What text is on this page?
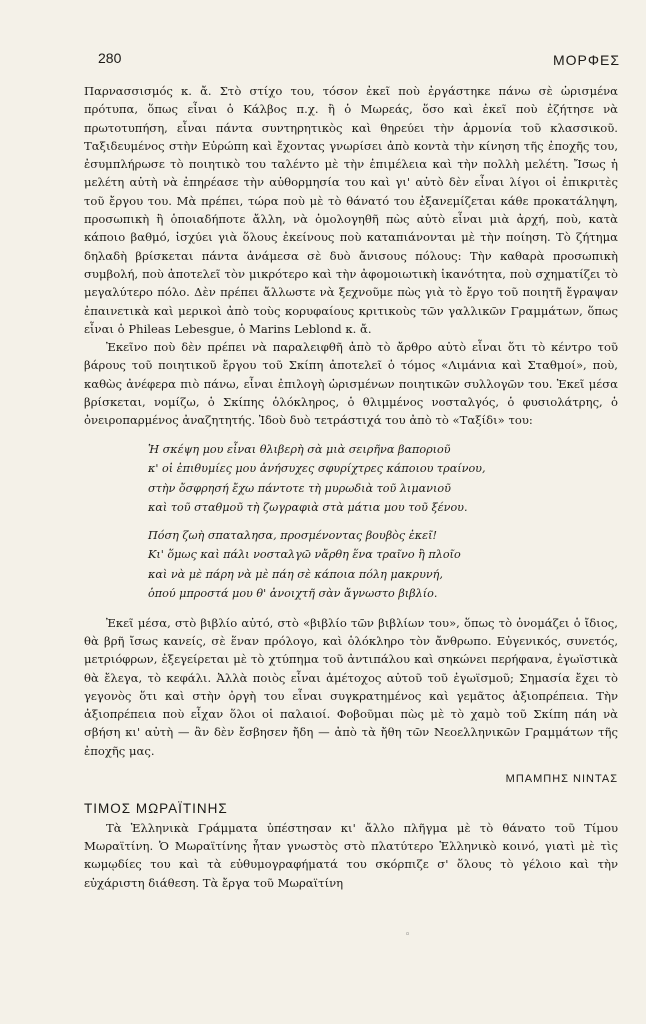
280	ΜΟΡΦΕΣ

Παρνασσισμός κ. ἄ. Στὸ στίχο του, τόσον ἐκεῖ ποὺ ἐργάστηκε πάνω σὲ ὡρισμένα πρότυπα, ὅπως εἶναι ὁ Κάλβος π.χ. ἢ ὁ Μωρεάς, ὅσο καὶ ἐκεῖ ποὺ ἐζήτησε νὰ πρωτοτυπήση, εἶναι πάντα συντηρητικὸς καὶ θηρεύει τὴν ἁρμονία τοῦ κλασσικοῦ. Ταξιδευμένος στὴν Εὐρώπη καὶ ἔχοντας γνωρίσει ἀπὸ κοντὰ τὴν κίνηση τῆς ἐποχῆς του, ἐσυμπλήρωσε τὸ ποιητικὸ του ταλέντο μὲ τὴν ἐπιμέλεια καὶ τὴν πολλὴ μελέτη. Ἴσως ἡ μελέτη αὐτὴ νὰ ἐπηρέασε τὴν αὐθορμησία του καὶ γι' αὐτὸ δὲν εἶναι λίγοι οἱ ἐπικριτὲς τοῦ ἔργου του. Μὰ πρέπει, τώρα ποὺ μὲ τὸ θάνατό του ἐξανεμίζεται κάθε προκατάληψη, προσωπικὴ ἢ ὁποιαδήποτε ἄλλη, νὰ ὁμολογηθῆ πὼς αὐτὸ εἶναι μιὰ ἀρχή, ποὺ, κατὰ κάποιο βαθμό, ἰσχύει γιὰ ὅλους ἐκείνους ποὺ καταπιάνονται μὲ τὴν ποίηση. Τὸ ζήτημα δηλαδὴ βρίσκεται πάντα ἀνάμεσα σὲ δυὸ ἄνισους πόλους: Τὴν καθαρὰ προσωπικὴ συμβολή, ποὺ ἀποτελεῖ τὸν μικρότερο καὶ τὴν ἀφομοιωτικὴ ἱκανότητα, ποὺ σχηματίζει τὸ μεγαλύτερο πόλο. Δὲν πρέπει ἄλλωστε νὰ ξεχνοῦμε πὼς γιὰ τὸ ἔργο τοῦ ποιητῆ ἔγραψαν ἐπαινετικὰ καὶ μερικοὶ ἀπὸ τοὺς κορυφαίους κριτικοὺς τῶν γαλλικῶν Γραμμάτων, ὅπως εἶναι ὁ Phileas Lebesgue, ὁ Marins Leblond κ. ἄ.

Ἐκεῖνο ποὺ δὲν πρέπει νὰ παραλειφθῆ ἀπὸ τὸ ἄρθρο αὐτὸ εἶναι ὅτι τὸ κέντρο τοῦ βάρους τοῦ ποιητικοῦ ἔργου τοῦ Σκίπη ἀποτελεῖ ὁ τόμος «Λιμάνια καὶ Σταθμοί», ποὺ, καθὼς ἀνέφερα πιὸ πάνω, εἶναι ἐπιλογὴ ὡρισμένων ποιητικῶν συλλογῶν του. Ἐκεῖ μέσα βρίσκεται, νομίζω, ὁ Σκίπης ὁλόκληρος, ὁ θλιμμένος νοσταλγός, ὁ φυσιολάτρης, ὁ ὀνειροπαρμένος ἀναζητητής. Ἰδοὺ δυὸ τετράστιχά του ἀπὸ τὸ «Ταξίδι» του:

Ἡ σκέψη μου εἶναι θλιβερὴ σὰ μιὰ σειρῆνα βαποριοῦ
κ' οἱ ἐπιθυμίες μου ἀνήσυχες σφυρίχτρες κάποιου τραίνου,
στὴν ὄσφρησή ἔχω πάντοτε τὴ μυρωδιὰ τοῦ λιμανιοῦ
καὶ τοῦ σταθμοῦ τὴ ζωγραφιὰ στὰ μάτια μου τοῦ ξένου.
Πόση ζωὴ σπαταλησα, προσμένοντας βουβὸς ἐκεῖ!
Κι' ὅμως καὶ πάλι νοσταλγῶ νἄρθη ἕνα τραῖνο ἢ πλοῖο
καὶ νὰ μὲ πάρη νὰ μὲ πάη σὲ κάποια πόλη μακρυνή,
ὁπού μπροστά μου θ' ἀνοιχτῆ σὰν ἄγνωστο βιβλίο.

Ἐκεῖ μέσα, στὸ βιβλίο αὐτό, στὸ «βιβλίο τῶν βιβλίων του», ὅπως τὸ ὀνομάζει ὁ ἴδιος, θὰ βρῆ ἴσως κανείς, σὲ ἕναν πρόλογο, καὶ ὁλόκληρο τὸν ἄνθρωπο. Εὐγενικός, συνετός, μετριόφρων, ἐξεγείρεται μὲ τὸ χτύπημα τοῦ ἀντιπάλου καὶ σηκώνει περήφανα, ἐγωϊστικὰ θὰ ἔλεγα, τὸ κεφάλι. Ἀλλὰ ποιὸς εἶναι ἀμέτοχος αὐτοῦ τοῦ ἐγωϊσμοῦ; Σημασία ἔχει τὸ γεγονὸς ὅτι καὶ στὴν ὀργὴ του εἶναι συγκρατημένος καὶ γεμᾶτος ἀξιοπρέπεια. Τὴν ἀξιοπρέπεια ποὺ εἶχαν ὅλοι οἱ παλαιοί. Φοβοῦμαι πὼς μὲ τὸ χαμὸ τοῦ Σκίπη πάη νὰ σβήση κι' αὐτὴ — ἂν δὲν ἔσβησεν ἤδη — ἀπὸ τὰ ἤθη τῶν Νεοελληνικῶν Γραμμάτων τῆς ἐποχῆς μας.

ΜΠΑΜΠΗΣ ΝΙΝΤΑΣ
ΤΙΜΟΣ ΜΩΡΑΪΤΙΝΗΣ

Τὰ Ἑλληνικὰ Γράμματα ὑπέστησαν κι' ἄλλο πλῆγμα μὲ τὸ θάνατο τοῦ Τίμου Μωραϊτίνη. Ὁ Μωραϊτίνης ἦταν γνωστὸς στὸ πλατύτερο Ἑλληνικὸ κοινό, γιατὶ μὲ τὶς κωμῳδίες του καὶ τὰ εὐθυμογραφήματά του σκόρπιζε σ' ὅλους τὸ γέλοιο καὶ τὴν εὐχάριστη διάθεση. Τὰ ἔργα τοῦ Μωραϊτίνη

◦
